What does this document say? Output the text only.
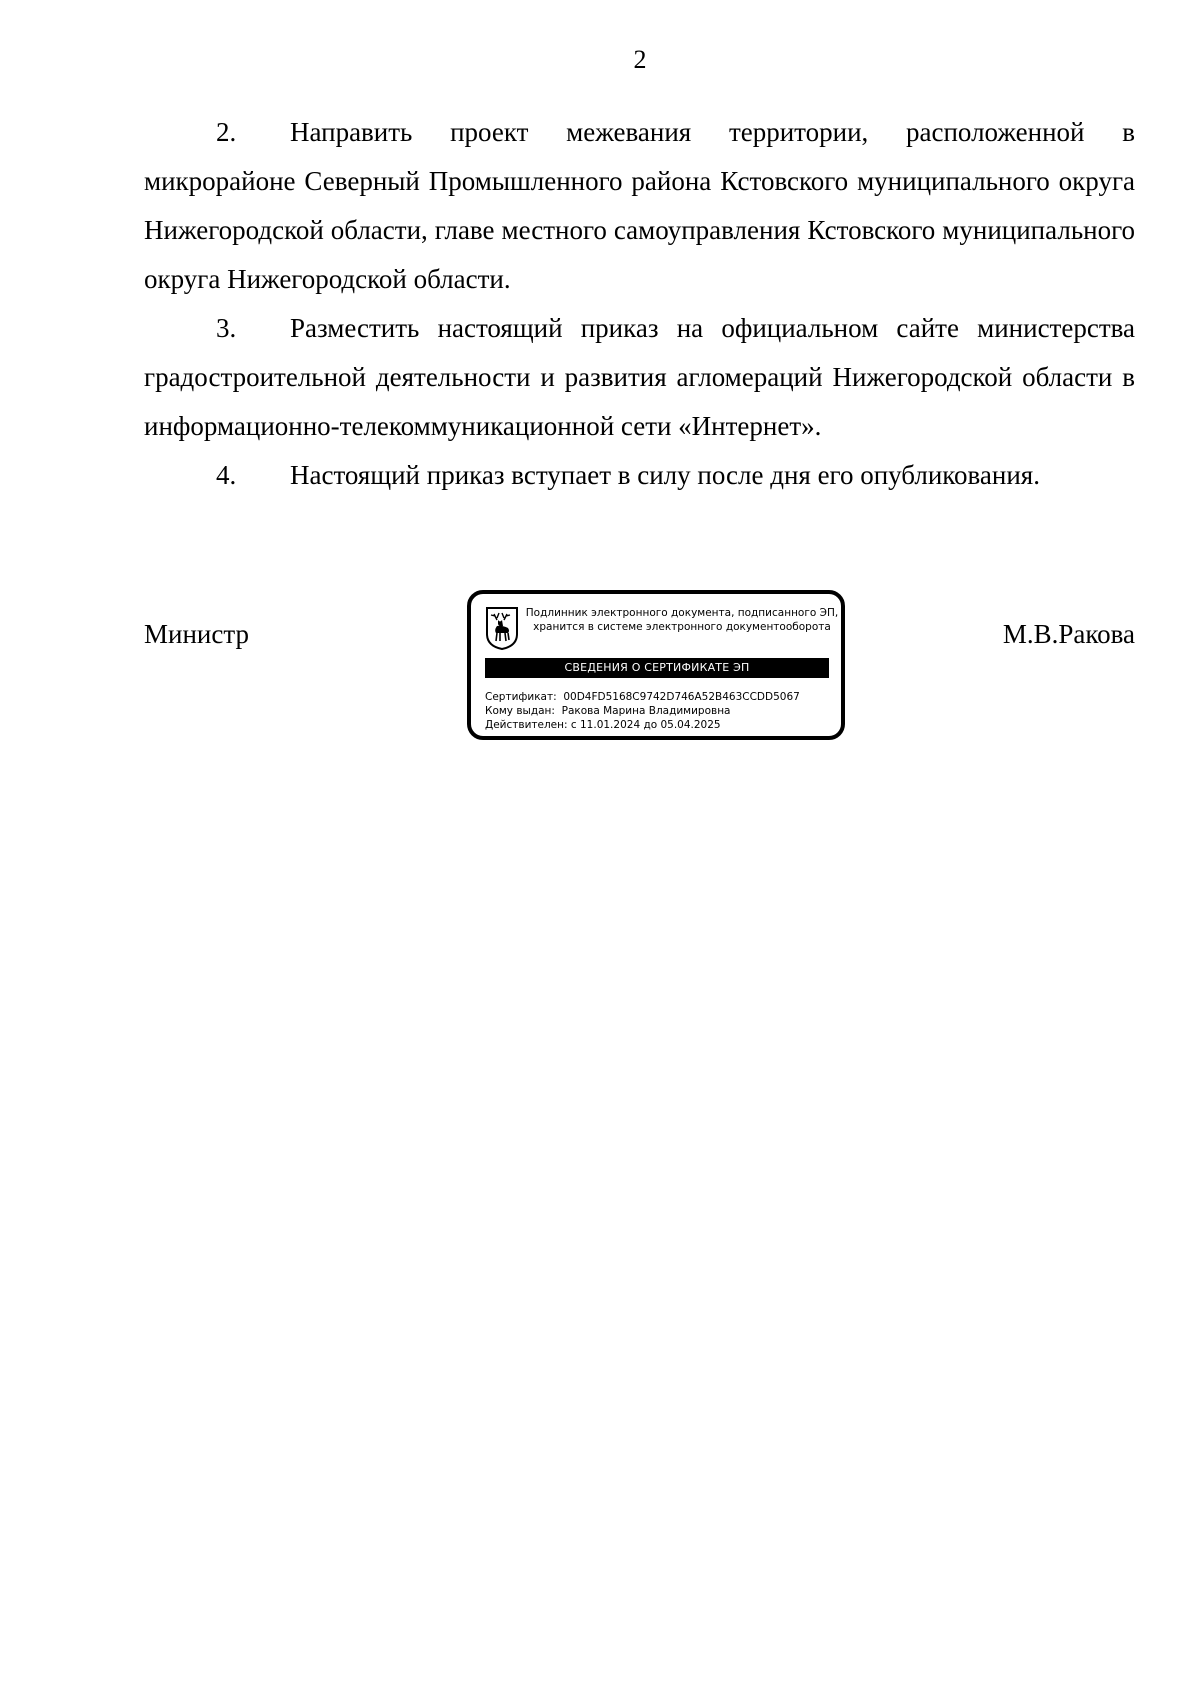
2

2. Направить проект межевания территории, расположенной в микрорайоне Северный Промышленного района Кстовского муниципального округа Нижегородской области, главе местного самоуправления Кстовского муниципального округа Нижегородской области.

3. Разместить настоящий приказ на официальном сайте министерства градостроительной деятельности и развития агломераций Нижегородской области в информационно-телекоммуникационной сети «Интернет».

4. Настоящий приказ вступает в силу после дня его опубликования.

Министр
Подлинник электронного документа, подписанного ЭП,
хранится в системе электронного документооборота
СВЕДЕНИЯ О СЕРТИФИКАТЕ ЭП
Сертификат: 00D4FD5168C9742D746A52B463CCDD5067
Кому выдан: Ракова Марина Владимировна
Действителен: с 11.01.2024 до 05.04.2025
М.В.Ракова
